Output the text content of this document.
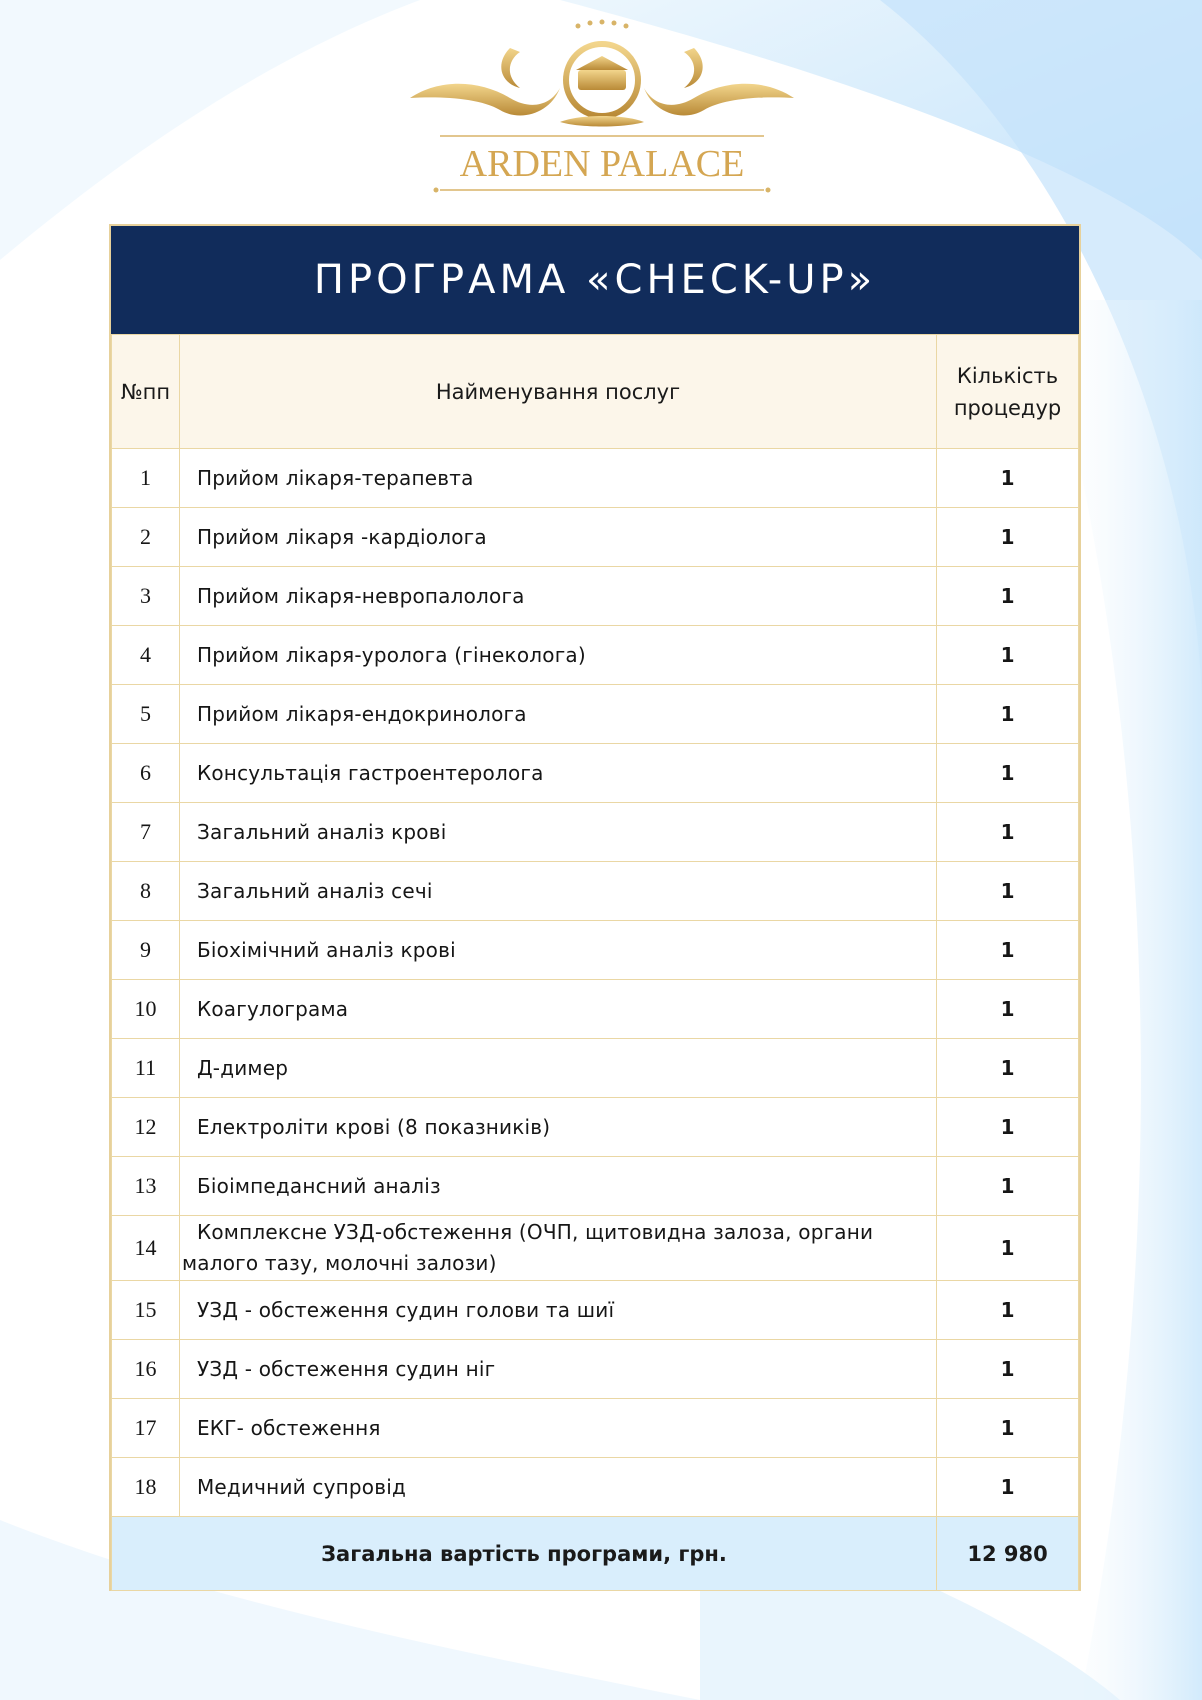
ARDEN PALACE
ПРОГРАМА «CHECK-UP»
№пп	Найменування послуг	Кількість процедур
1	Прийом лікаря-терапевта	1
2	Прийом лікаря -кардіолога	1
3	Прийом лікаря-невропалолога	1
4	Прийом лікаря-уролога (гінеколога)	1
5	Прийом лікаря-ендокринолога	1
6	Консультація гастроентеролога	1
7	Загальний аналіз крові	1
8	Загальний аналіз сечі	1
9	Біохімічний аналіз крові	1
10	Коагулограма	1
11	Д-димер	1
12	Електроліти крові (8 показників)	1
13	Біоімпедансний аналіз	1
14	Комплексне УЗД-обстеження (ОЧП, щитовидна залоза, органи
малого тазу, молочні залози)	1
15	УЗД - обстеження судин голови та шиї	1
16	УЗД - обстеження судин ніг	1
17	ЕКГ- обстеження	1
18	Медичний супровід	1
Загальна вартість програми, грн.		12 980
